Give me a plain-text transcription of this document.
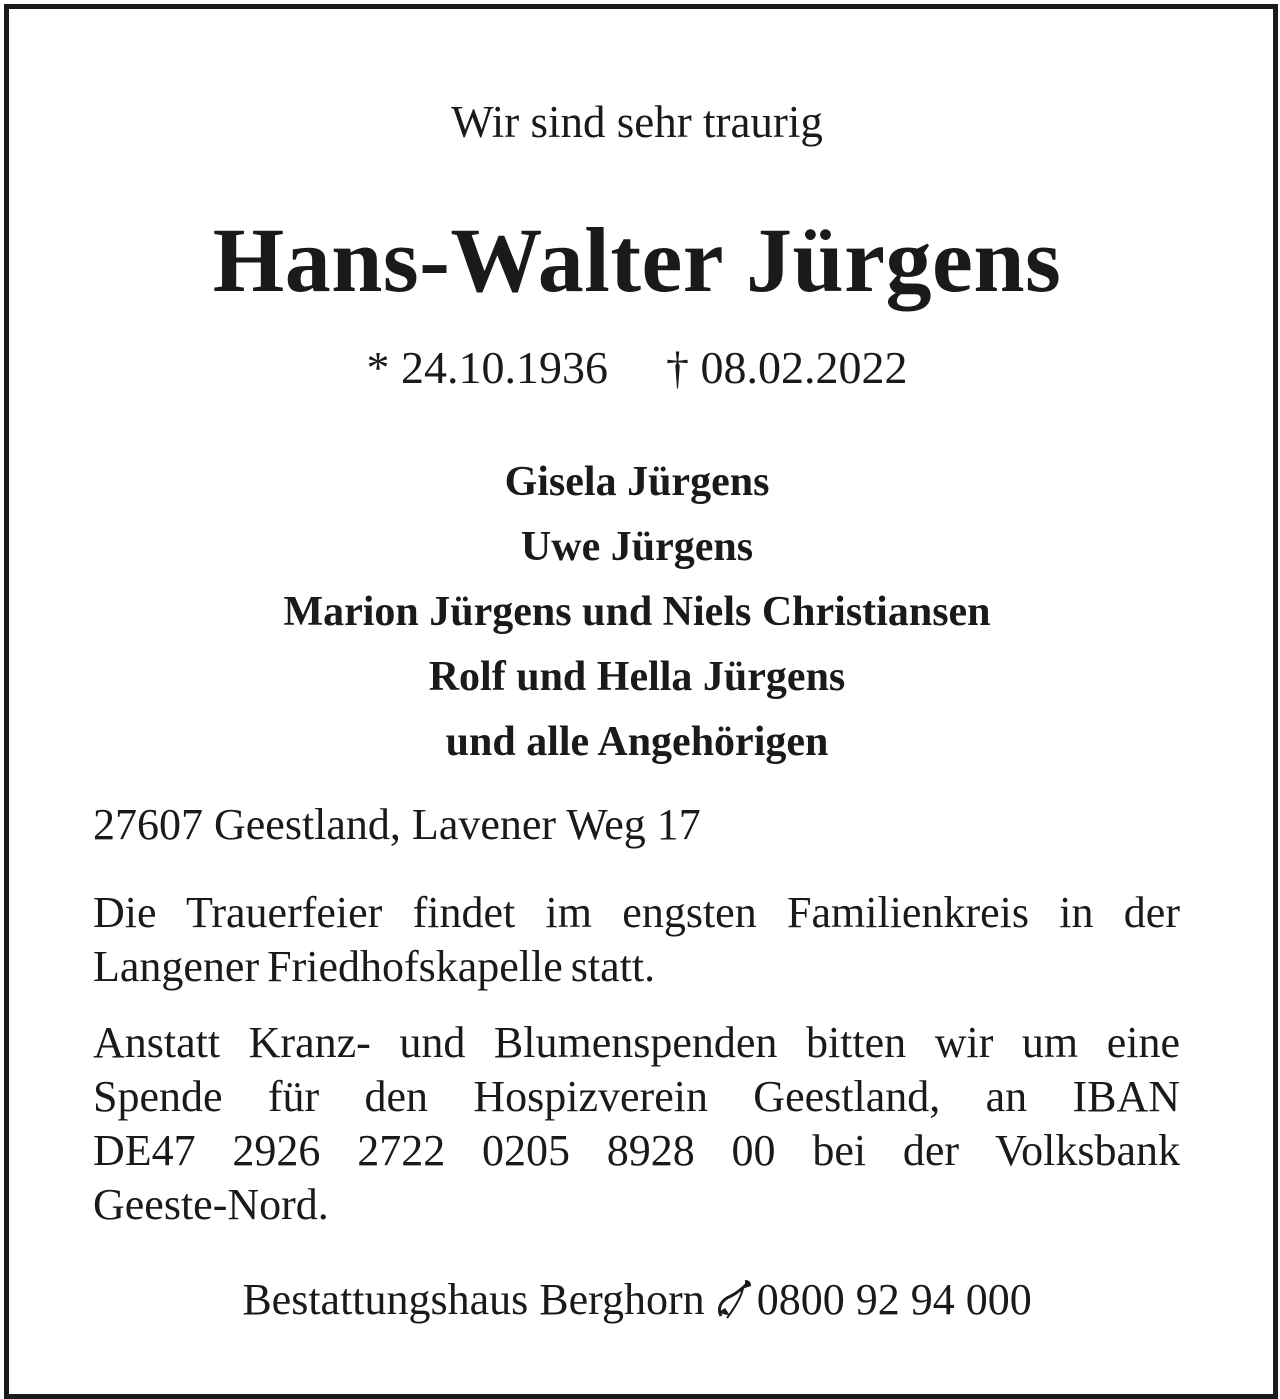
Wir sind sehr traurig
Hans-Walter Jürgens
* 24.10.1936 † 08.02.2022
Gisela Jürgens
Uwe Jürgens
Marion Jürgens und Niels Christiansen
Rolf und Hella Jürgens
und alle Angehörigen
27607 Geestland, Lavener Weg 17
Die Trauerfeier findet im engsten Familienkreis in der
Langener Friedhofskapelle statt.
Anstatt Kranz- und Blumenspenden bitten wir um eine
Spende für den Hospizverein Geestland, an IBAN
DE47 2926 2722 0205 8928 00 bei der Volksbank
Geeste-Nord.
Bestattungshaus Berghorn 0800 92 94 000
